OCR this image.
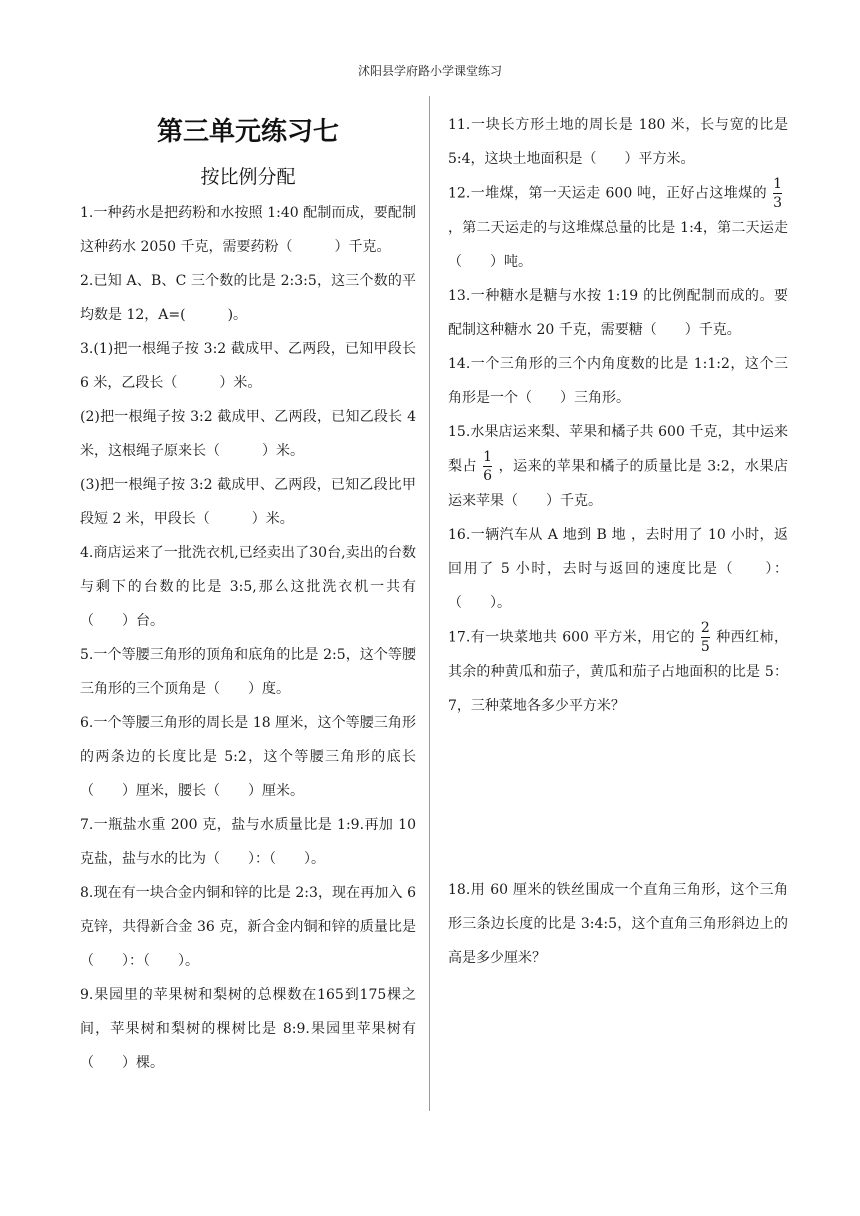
沭阳县学府路小学课堂练习
第三单元练习七
按比例分配
1.一种药水是把药粉和水按照 1:40 配制而成，要配制这种药水 2050 千克，需要药粉（　　　）千克。
2.已知 A、B、C 三个数的比是 2:3:5，这三个数的平均数是 12，A=(　　　)。
3.(1)把一根绳子按 3:2 截成甲、乙两段，已知甲段长 6 米，乙段长（　　　）米。
(2)把一根绳子按 3:2 截成甲、乙两段，已知乙段长 4 米，这根绳子原来长（　　　）米。
(3)把一根绳子按 3:2 截成甲、乙两段，已知乙段比甲段短 2 米，甲段长（　　　）米。
4.商店运来了一批洗衣机,已经卖出了30台,卖出的台数与剩下的台数的比是 3:5,那么这批洗衣机一共有（　　）台。
5.一个等腰三角形的顶角和底角的比是 2:5，这个等腰三角形的三个顶角是（　　）度。
6.一个等腰三角形的周长是 18 厘米，这个等腰三角形的两条边的长度比是 5:2，这个等腰三角形的底长（　　）厘米，腰长（　　）厘米。
7.一瓶盐水重 200 克，盐与水质量比是 1:9.再加 10 克盐，盐与水的比为（　　）：（　　）。
8.现在有一块合金内铜和锌的比是 2:3，现在再加入 6 克锌，共得新合金 36 克，新合金内铜和锌的质量比是（　　）：（　　）。
9.果园里的苹果树和梨树的总棵数在165到175棵之间，苹果树和梨树的棵树比是 8:9.果园里苹果树有（　　）棵。
11.一块长方形土地的周长是 180 米，长与宽的比是 5:4，这块土地面积是（　　）平方米。
12.一堆煤，第一天运走 600 吨，正好占这堆煤的 $\frac{1}{3}$
，第二天运走的与这堆煤总量的比是 1:4，第二天运走（　　）吨。
13.一种糖水是糖与水按 1:19 的比例配制而成的。要配制这种糖水 20 千克，需要糖（　　）千克。
14.一个三角形的三个内角度数的比是 1:1:2，这个三角形是一个（　　）三角形。
15.水果店运来梨、苹果和橘子共 600 千克，其中运来梨占 $\frac{1}{6}$ ，运来的苹果和橘子的质量比是 3:2，水果店运来苹果（　　）千克。
16.一辆汽车从 A 地到 B 地 ，去时用了 10 小时，返回用了 5 小时，去时与返回的速度比是（　　）：（　　）。
17.有一块菜地共 600 平方米，用它的 $\frac{2}{5}$ 种西红柿，其余的种黄瓜和茄子，黄瓜和茄子占地面积的比是 5：7，三种菜地各多少平方米？
18.用 60 厘米的铁丝围成一个直角三角形，这个三角形三条边长度的比是 3:4:5，这个直角三角形斜边上的高是多少厘米？
